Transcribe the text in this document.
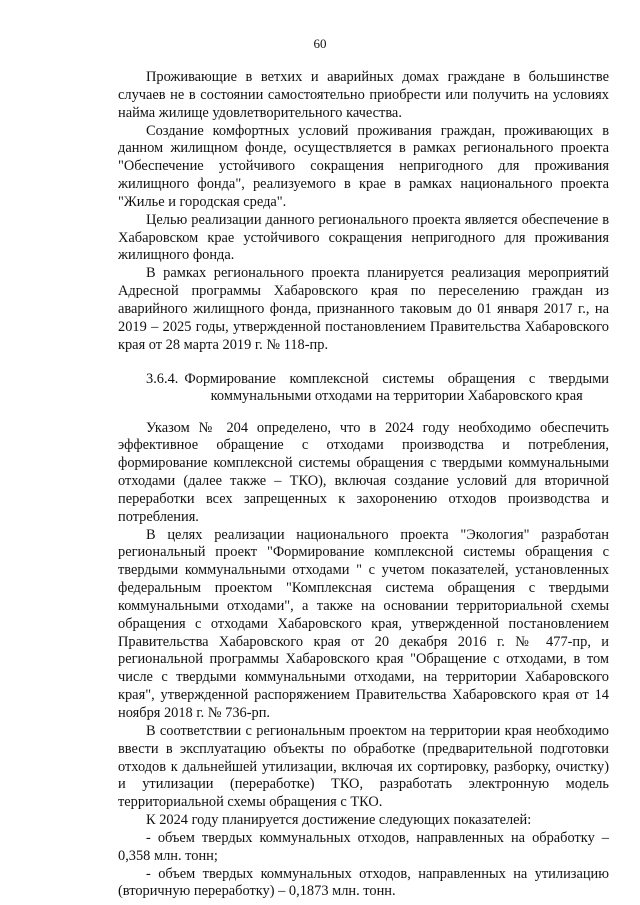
60

Проживающие в ветхих и аварийных домах граждане в большинстве случаев не в состоянии самостоятельно приобрести или получить на условиях найма жилище удовлетворительного качества.

Создание комфортных условий проживания граждан, проживающих в данном жилищном фонде, осуществляется в рамках регионального проекта "Обеспечение устойчивого сокращения непригодного для проживания жилищного фонда", реализуемого в крае в рамках национального проекта "Жилье и городская среда".

Целью реализации данного регионального проекта является обеспечение в Хабаровском крае устойчивого сокращения непригодного для проживания жилищного фонда.

В рамках регионального проекта планируется реализация мероприятий Адресной программы Хабаровского края по переселению граждан из аварийного жилищного фонда, признанного таковым до 01 января 2017 г., на 2019 – 2025 годы, утвержденной постановлением Правительства Хабаровского края от 28 марта 2019 г. № 118-пр.

3.6.4. Формирование комплексной системы обращения с твердыми коммунальными отходами на территории Хабаровского края

Указом № 204 определено, что в 2024 году необходимо обеспечить эффективное обращение с отходами производства и потребления, формирование комплексной системы обращения с твердыми коммунальными отходами (далее также – ТКО), включая создание условий для вторичной переработки всех запрещенных к захоронению отходов производства и потребления.

В целях реализации национального проекта "Экология" разработан региональный проект "Формирование комплексной системы обращения с твердыми коммунальными отходами " с учетом показателей, установленных федеральным проектом "Комплексная система обращения с твердыми коммунальными отходами", а также на основании территориальной схемы обращения с отходами Хабаровского края, утвержденной постановлением Правительства Хабаровского края от 20 декабря 2016 г. № 477-пр, и региональной программы Хабаровского края "Обращение с отходами, в том числе с твердыми коммунальными отходами, на территории Хабаровского края", утвержденной распоряжением Правительства Хабаровского края от 14 ноября 2018 г. № 736-рп.

В соответствии с региональным проектом на территории края необходимо ввести в эксплуатацию объекты по обработке (предварительной подготовки отходов к дальнейшей утилизации, включая их сортировку, разборку, очистку) и утилизации (переработке) ТКО, разработать электронную модель территориальной схемы обращения с ТКО.

К 2024 году планируется достижение следующих показателей:

- объем твердых коммунальных отходов, направленных на обработку – 0,358 млн. тонн;

- объем твердых коммунальных отходов, направленных на утилизацию (вторичную переработку) – 0,1873 млн. тонн.
